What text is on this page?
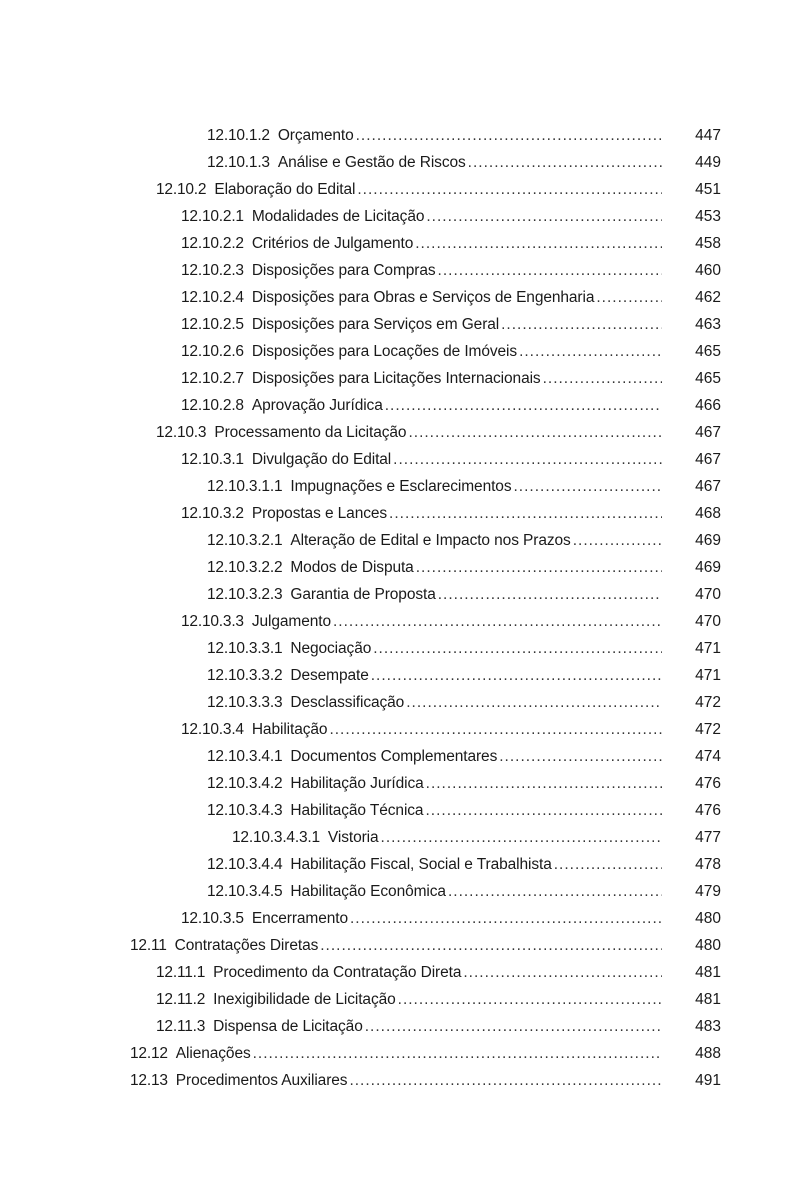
12.10.1.2 Orçamento .....	447
12.10.1.3 Análise e Gestão de Riscos .....	449
12.10.2 Elaboração do Edital .....	451
12.10.2.1 Modalidades de Licitação .....	453
12.10.2.2 Critérios de Julgamento .....	458
12.10.2.3 Disposições para Compras .....	460
12.10.2.4 Disposições para Obras e Serviços de Engenharia .....	462
12.10.2.5 Disposições para Serviços em Geral .....	463
12.10.2.6 Disposições para Locações de Imóveis .....	465
12.10.2.7 Disposições para Licitações Internacionais .....	465
12.10.2.8 Aprovação Jurídica .....	466
12.10.3 Processamento da Licitação .....	467
12.10.3.1 Divulgação do Edital .....	467
12.10.3.1.1 Impugnações e Esclarecimentos .....	467
12.10.3.2 Propostas e Lances .....	468
12.10.3.2.1 Alteração de Edital e Impacto nos Prazos .....	469
12.10.3.2.2 Modos de Disputa .....	469
12.10.3.2.3 Garantia de Proposta .....	470
12.10.3.3 Julgamento .....	470
12.10.3.3.1 Negociação .....	471
12.10.3.3.2 Desempate .....	471
12.10.3.3.3 Desclassificação .....	472
12.10.3.4 Habilitação .....	472
12.10.3.4.1 Documentos Complementares .....	474
12.10.3.4.2 Habilitação Jurídica .....	476
12.10.3.4.3 Habilitação Técnica .....	476
12.10.3.4.3.1 Vistoria .....	477
12.10.3.4.4 Habilitação Fiscal, Social e Trabalhista .....	478
12.10.3.4.5 Habilitação Econômica .....	479
12.10.3.5 Encerramento .....	480
12.11 Contratações Diretas .....	480
12.11.1 Procedimento da Contratação Direta .....	481
12.11.2 Inexigibilidade de Licitação .....	481
12.11.3 Dispensa de Licitação .....	483
12.12 Alienações .....	488
12.13 Procedimentos Auxiliares .....	491
